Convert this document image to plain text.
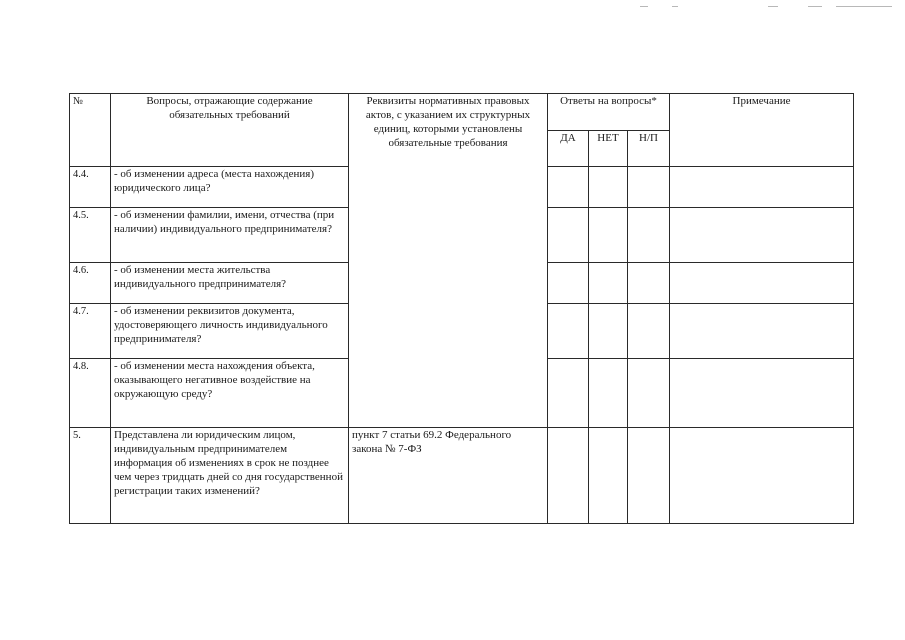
№	Вопросы, отражающие содержание обязательных требований	Реквизиты нормативных правовых актов, с указанием их структурных единиц, которыми установлены обязательные требования	Ответы на вопросы*			Примечание
			ДА	НЕТ	Н/П	
4.4.	- об изменении адреса (места нахождения) юридического лица?					
4.5.	- об изменении фамилии, имени, отчества (при наличии) индивидуального предпринимателя?					
4.6.	- об изменении места жительства индивидуального предпринимателя?					
4.7.	- об изменении реквизитов документа, удостоверяющего личность индивидуального предпринимателя?					
4.8.	- об изменении места нахождения объекта, оказывающего негативное воздействие на окружающую среду?					
5.	Представлена ли юридическим лицом, индивидуальным предпринимателем информация об изменениях в срок не позднее чем через тридцать дней со дня государственной регистрации таких изменений?	пункт 7 статьи 69.2 Федерального закона № 7-ФЗ				
